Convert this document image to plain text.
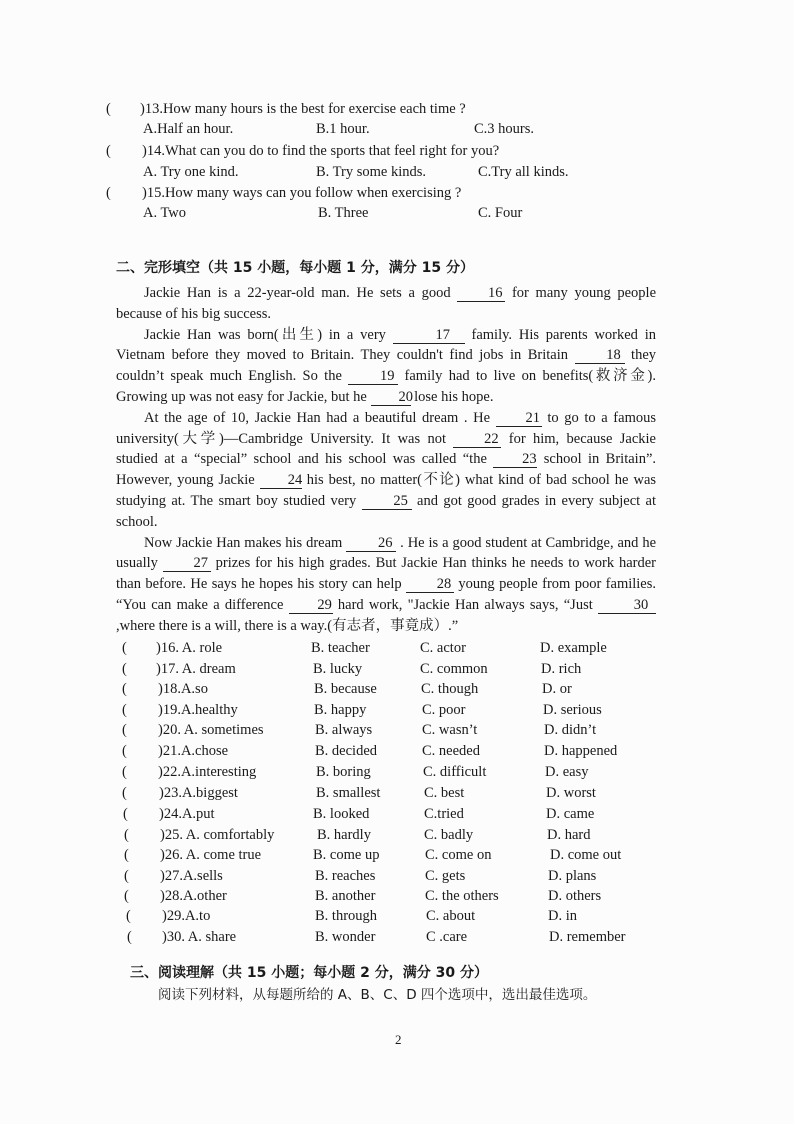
( )13.How many hours is the best for exercise each time ?
A.Half an hour.	B.1 hour.	C.3 hours.
( )14.What can you do to find the sports that feel right for you?
A. Try one kind.	B. Try some kinds.	C.Try all kinds.
( )15.How many ways can you follow when exercising ?
A. Two	B. Three	C. Four
二、完形填空（共 15 小题，每小题 1 分，满分 15 分）

Jackie Han is a 22-year-old man. He sets a good	16 for many young people because of his big success.

Jackie Han was born(出生) in a very	17 family. His parents worked in Vietnam before they moved to Britain. They couldn't find jobs in Britain	18 they couldn’t speak much English. So the	19 family had to live on benefits(救济金). Growing up was not easy for Jackie, but he 20 lose his hope.

At the age of 10, Jackie Han had a beautiful dream . He 21 to go to a famous university(大学)—Cambridge University. It was not	22 for him, because Jackie studied at a “special” school and his school was called “the 23 school in Britain”. However, young Jackie 24 his best, no matter(不论) what kind of bad school he was studying at. The smart boy studied very	25 and got good grades in every subject at school.

Now Jackie Han makes his dream 26 . He is a good student at Cambridge, and he usually 27 prizes for his high grades. But Jackie Han thinks he needs to work harder than before. He says he hopes his story can help 28 young people from poor families. “You can make a difference 29 hard work, "Jackie Han always says, “Just	30,where there is a will, there is a way.(有志者，事竟成）.”

( )16. A. role	B. teacher	C. actor	D. example
( )17. A. dream	B. lucky	C. common	D. rich
( )18.A.so	B. because	C. though	D. or
( )19.A.healthy	B. happy	C. poor	D. serious
( )20. A. sometimes	B. always	C. wasn’t	D. didn’t
( )21.A.chose	B. decided	C. needed	D. happened
( )22.A.interesting	B. boring	C. difficult	D. easy
( )23.A.biggest	B. smallest	C. best	D. worst
( )24.A.put	B. looked	C.tried	D. came
( )25. A. comfortably	B. hardly	C. badly	D. hard
( )26. A. come true	B. come up	C. come on	D. come out
( )27.A.sells	B. reaches	C. gets	D. plans
( )28.A.other	B. another	C. the others	D. others
( )29.A.to	B. through	C. about	D. in
( )30. A. share	B. wonder	C .care	D. remember
三、阅读理解（共 15 小题；每小题 2 分，满分 30 分）
阅读下列材料，从每题所给的 A、B、C、D 四个选项中，选出最佳选项。
2
